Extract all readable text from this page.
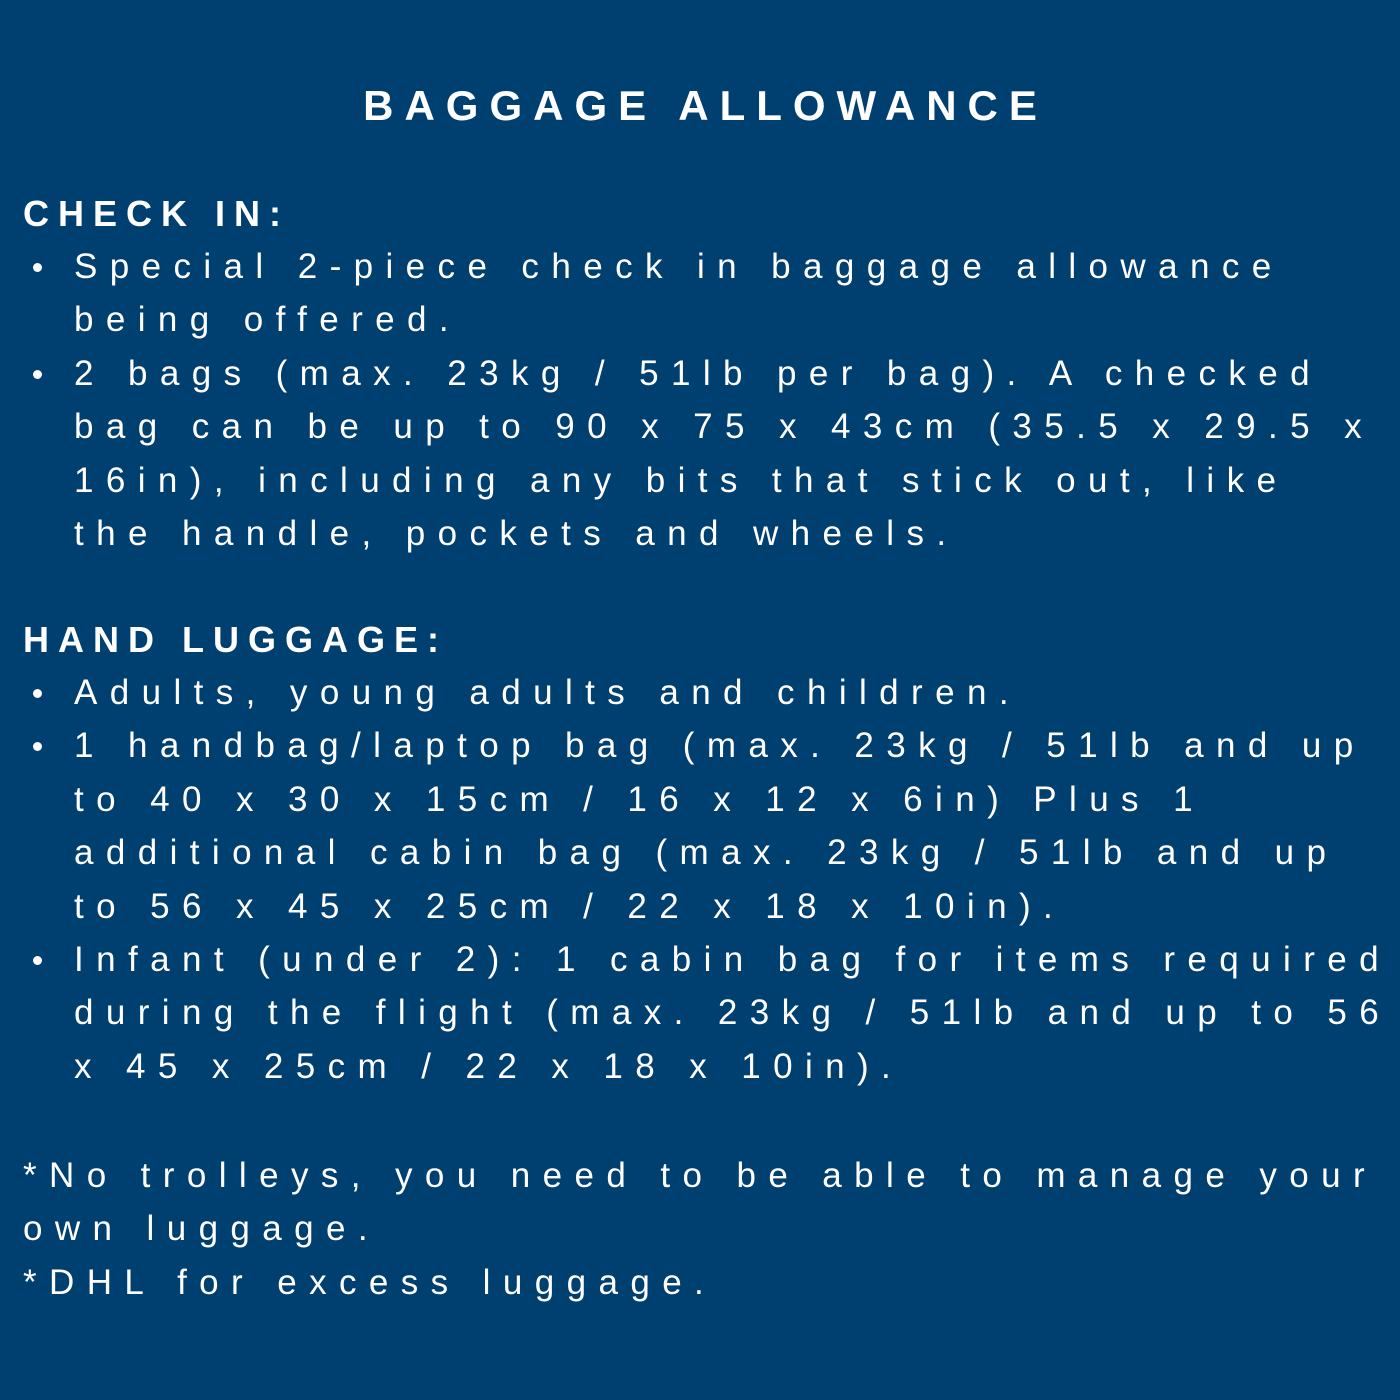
BAGGAGE ALLOWANCE
CHECK IN:
Special 2-piece check in baggage allowance being offered.
2 bags (max. 23kg / 51lb per bag). A checked bag can be up to 90 x 75 x 43cm (35.5 x 29.5 x 16in), including any bits that stick out, like the handle, pockets and wheels.
HAND LUGGAGE:
Adults, young adults and children.
1 handbag/laptop bag (max. 23kg / 51lb and up to 40 x 30 x 15cm / 16 x 12 x 6in) Plus 1 additional cabin bag (max. 23kg / 51lb and up to 56 x 45 x 25cm / 22 x 18 x 10in).
Infant (under 2): 1 cabin bag for items required during the flight (max. 23kg / 51lb and up to 56 x 45 x 25cm / 22 x 18 x 10in).

*No trolleys, you need to be able to manage your own luggage.

*DHL for excess luggage.
